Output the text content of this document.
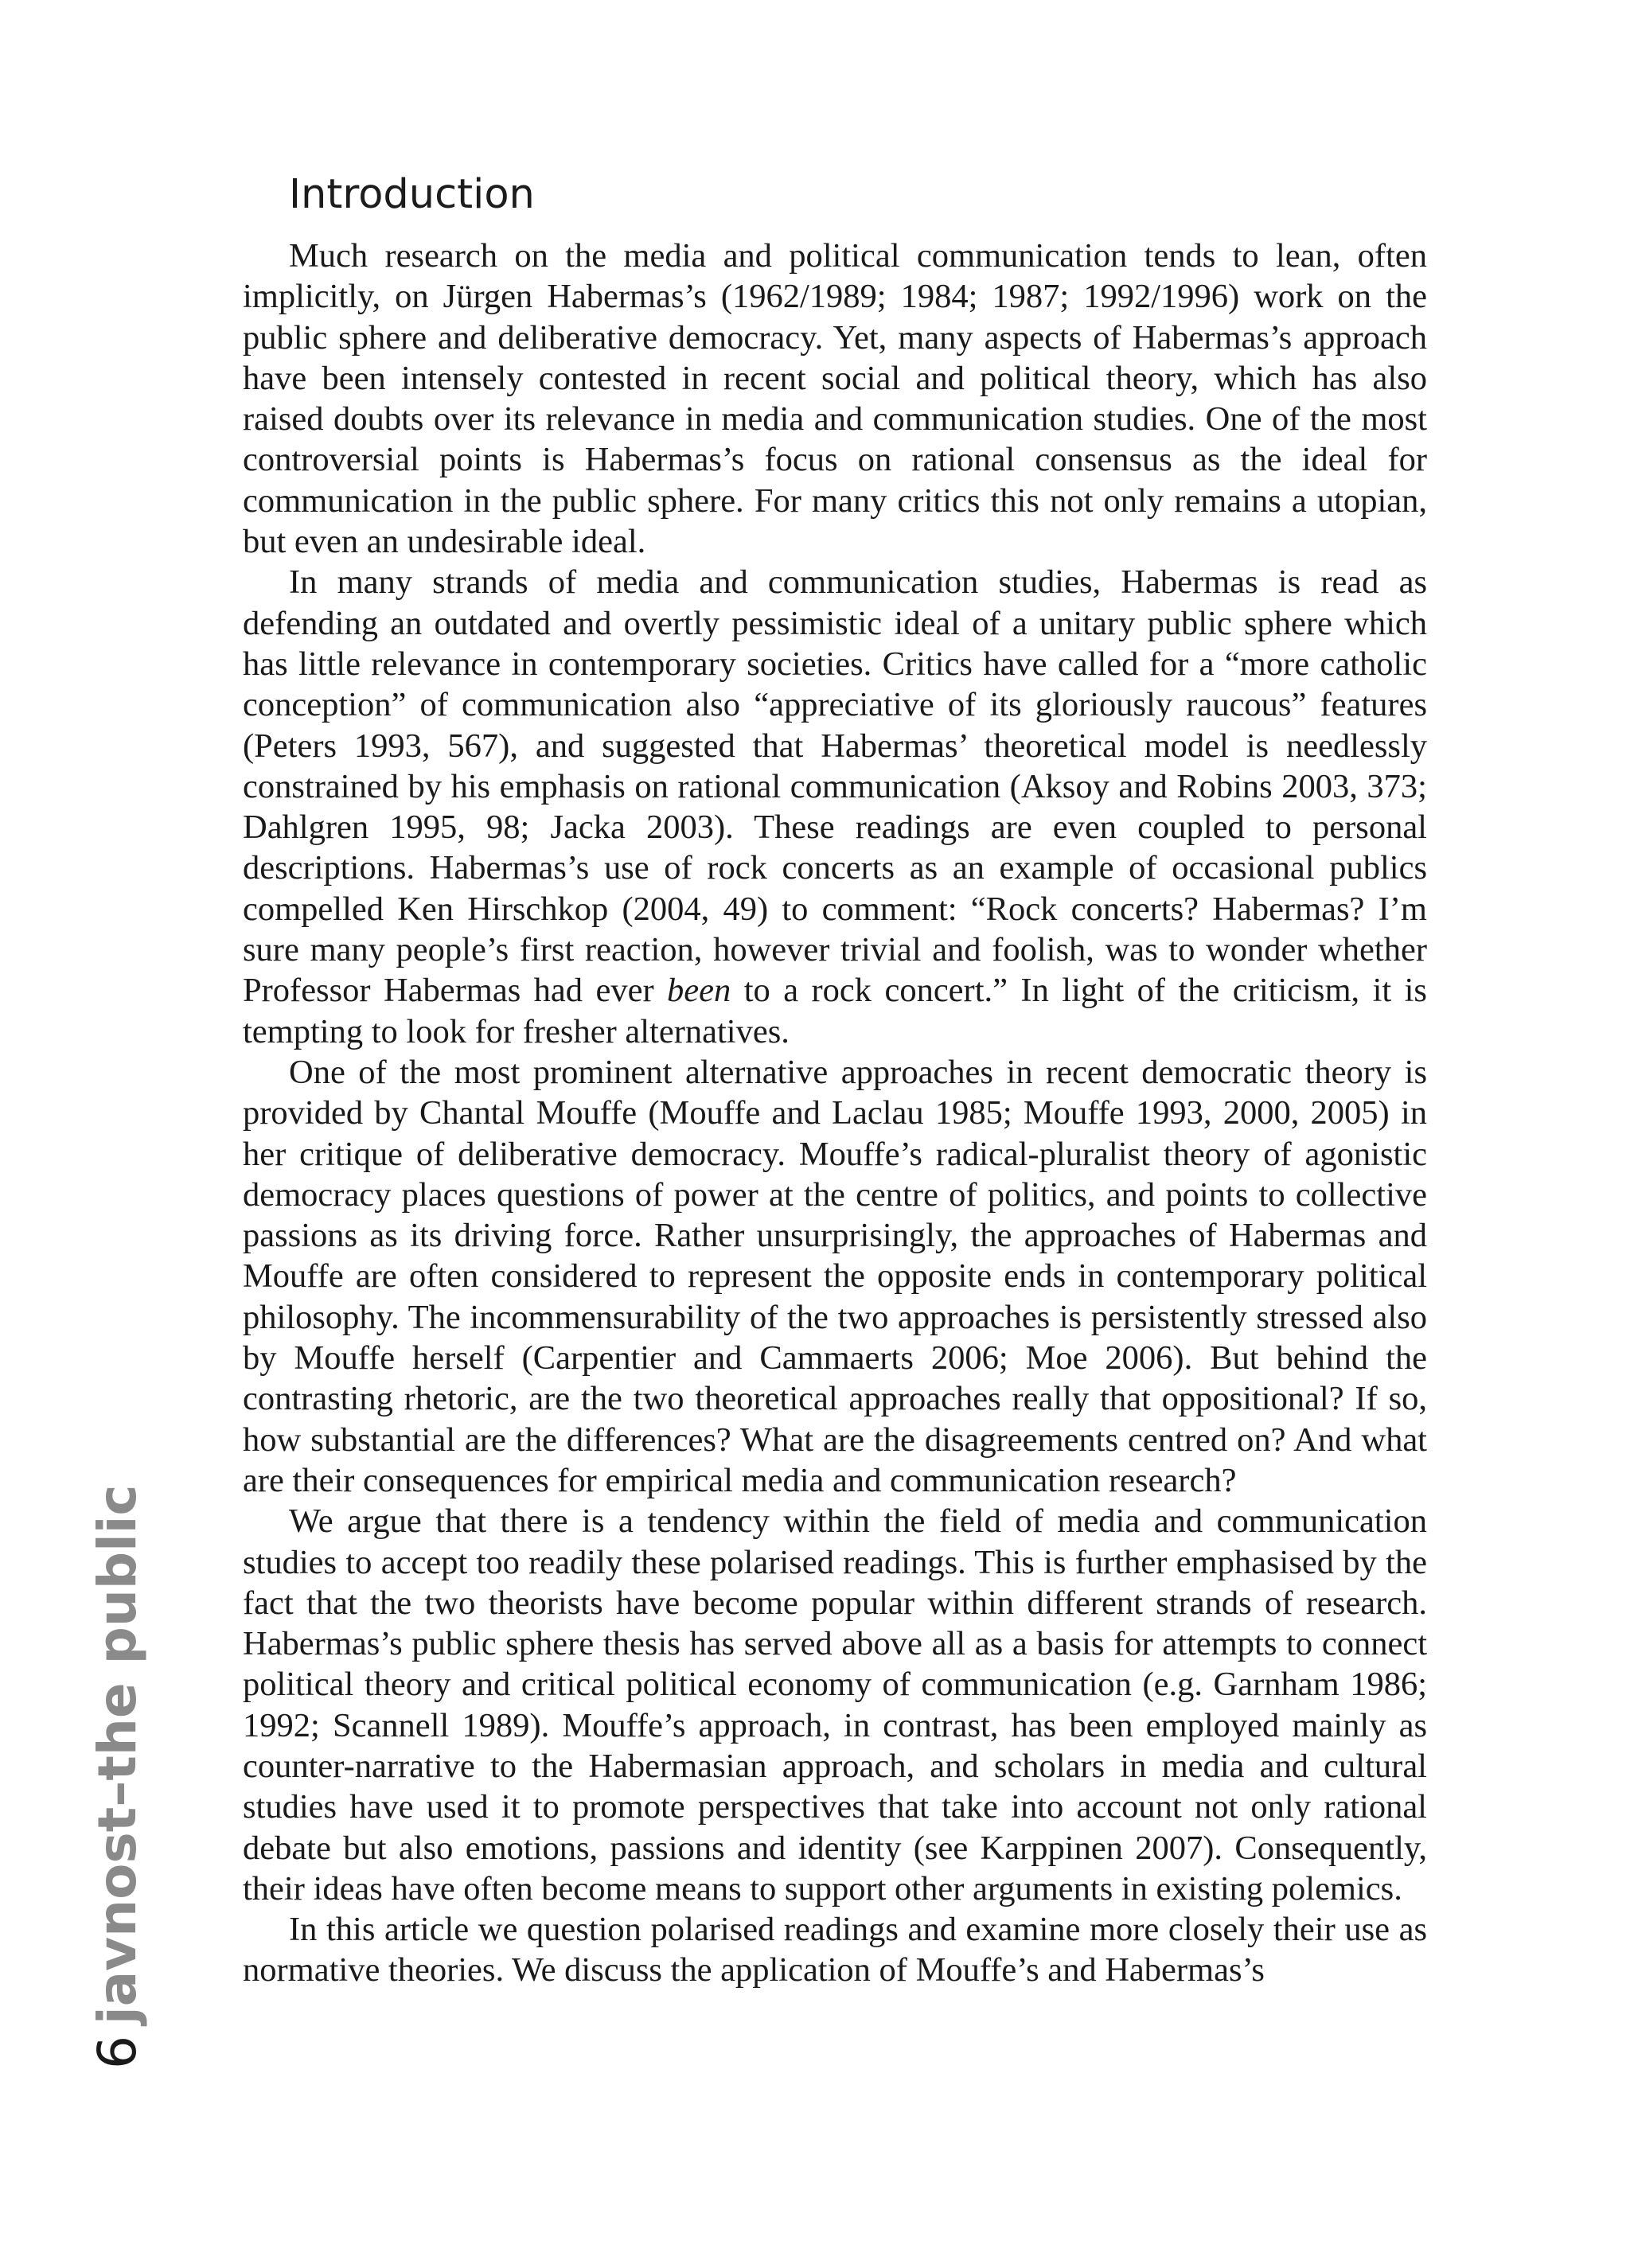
Introduction

Much research on the media and political communication tends to lean, often implicitly, on Jürgen Habermas’s (1962/1989; 1984; 1987; 1992/1996) work on the public sphere and deliberative democracy. Yet, many aspects of Habermas’s approach have been intensely contested in recent social and political theory, which has also raised doubts over its relevance in media and communication studies. One of the most controversial points is Habermas’s focus on rational consensus as the ideal for communication in the public sphere. For many critics this not only remains a utopian, but even an undesirable ideal.

In many strands of media and communication studies, Habermas is read as defending an outdated and overtly pessimistic ideal of a unitary public sphere which has little relevance in contemporary societies. Critics have called for a “more catholic conception” of communication also “appreciative of its gloriously raucous” features (Peters 1993, 567), and suggested that Habermas’ theoretical model is needlessly constrained by his emphasis on rational communication (Aksoy and Robins 2003, 373; Dahlgren 1995, 98; Jacka 2003). These readings are even coupled to personal descriptions. Habermas’s use of rock concerts as an example of occasional publics compelled Ken Hirschkop (2004, 49) to comment: “Rock concerts? Habermas? I’m sure many people’s first reaction, however trivial and foolish, was to wonder whether Professor Habermas had ever been to a rock concert.” In light of the criticism, it is tempting to look for fresher alternatives.

One of the most prominent alternative approaches in recent democratic theory is provided by Chantal Mouffe (Mouffe and Laclau 1985; Mouffe 1993, 2000, 2005) in her critique of deliberative democracy. Mouffe’s radical-pluralist theory of agonistic democracy places questions of power at the centre of politics, and points to collective passions as its driving force. Rather unsurprisingly, the approaches of Habermas and Mouffe are often considered to represent the opposite ends in contemporary political philosophy. The incommensurability of the two approaches is persistently stressed also by Mouffe herself (Carpentier and Cammaerts 2006; Moe 2006). But behind the contrasting rhetoric, are the two theoretical approaches really that oppositional? If so, how substantial are the differences? What are the disagreements centred on? And what are their consequences for empirical media and communication research?

We argue that there is a tendency within the field of media and communication studies to accept too readily these polarised readings. This is further emphasised by the fact that the two theorists have become popular within different strands of research. Habermas’s public sphere thesis has served above all as a basis for attempts to connect political theory and critical political economy of communication (e.g. Garnham 1986; 1992; Scannell 1989). Mouffe’s approach, in contrast, has been employed mainly as counter-narrative to the Habermasian approach, and scholars in media and cultural studies have used it to promote perspectives that take into account not only rational debate but also emotions, passions and identity (see Karppinen 2007). Consequently, their ideas have often become means to support other arguments in existing polemics.

In this article we question polarised readings and examine more closely their use as normative theories. We discuss the application of Mouffe’s and Habermas’s

6javnost–the public
